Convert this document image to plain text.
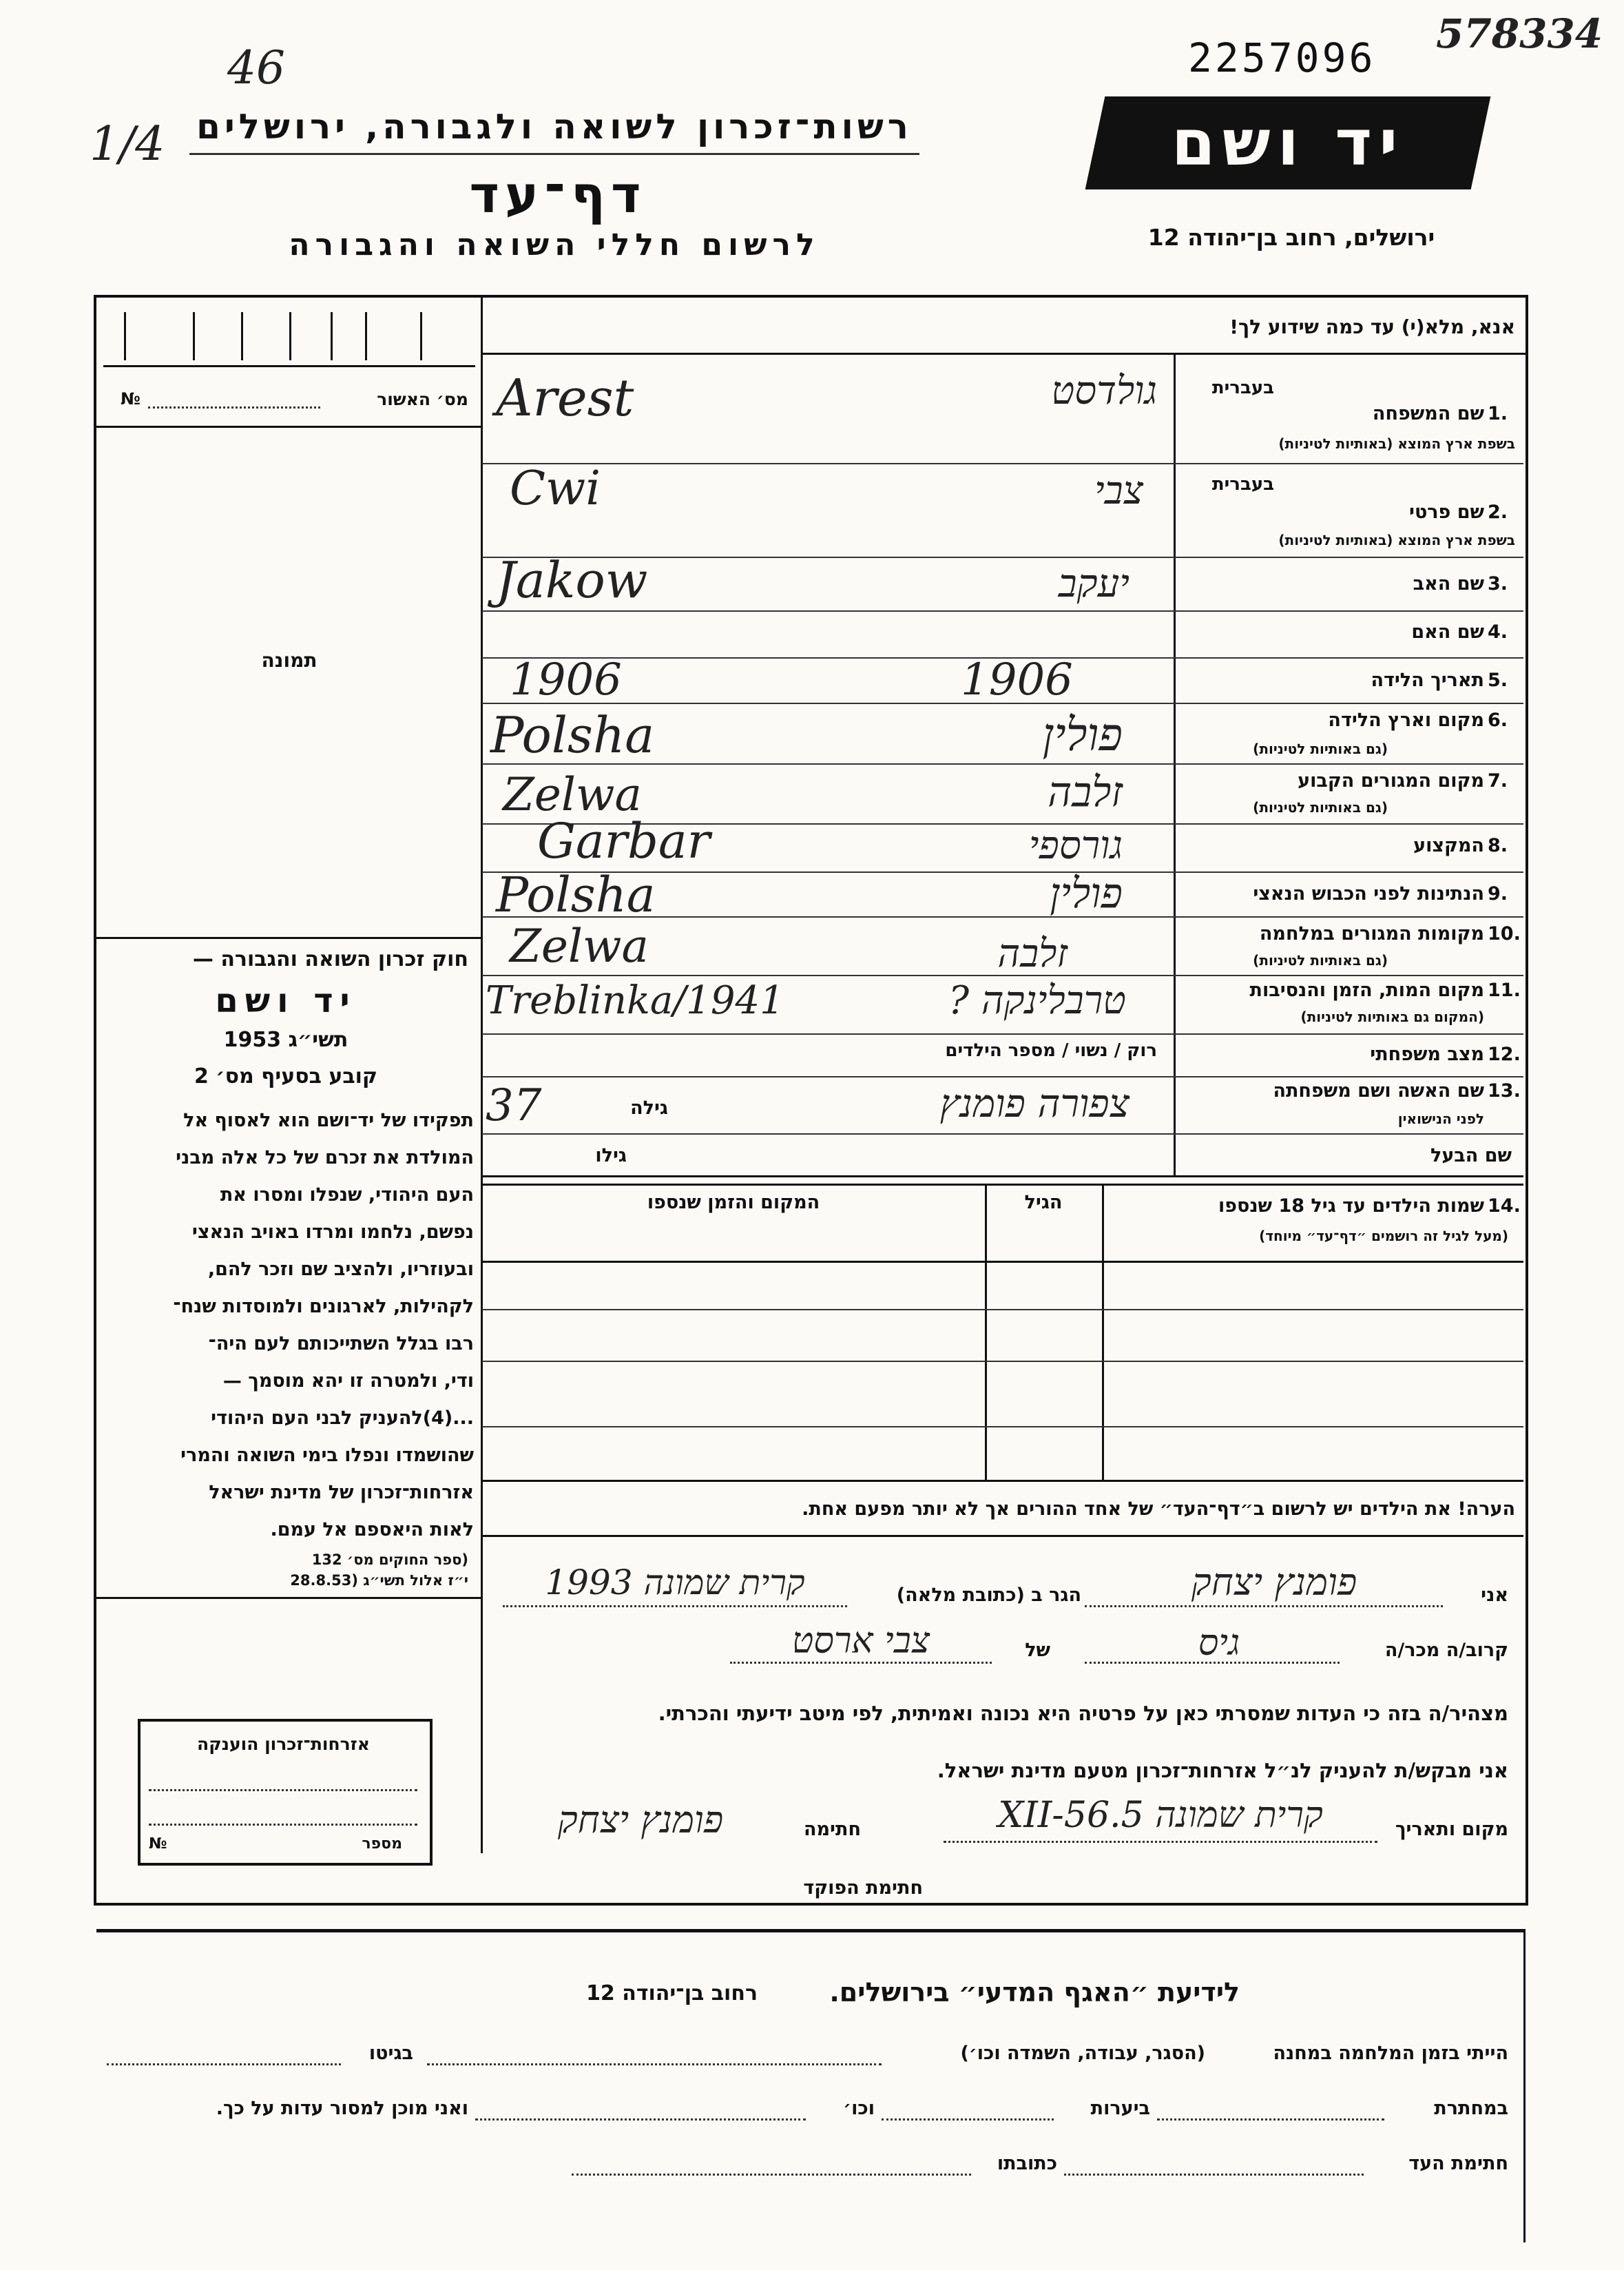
46
1/4
2257096
578334
רשות־זכרון לשואה ולגבורה, ירושלים
דף־עד
לרשום חללי השואה והגבורה
יד ושם
ירושלים, רחוב בן־יהודה 12
אנא, מלא(י) עד כמה שידוע לך!
№	מס׳ האשור
תמונה
חוק זכרון השואה והגבורה —
יד ושם
תשי״ג 1953
קובע בסעיף מס׳ 2
תפקידו של יד־ושם הוא לאסוף אל
המולדת את זכרם של כל אלה מבני
העם היהודי, שנפלו ומסרו את
נפשם, נלחמו ומרדו באויב הנאצי
ובעוזריו, ולהציב שם וזכר להם,
לקהילות, לארגונים ולמוסדות שנח־
רבו בגלל השתייכותם לעם היה־
ודי, ולמטרה זו יהא מוסמך —
...(4)להעניק לבני העם היהודי
שהושמדו ונפלו בימי השואה והמרי
אזרחות־זכרון של מדינת ישראל
לאות היאספם אל עמם.
(ספר החוקים מס׳ 132
י״ז אלול תשי״ג (28.8.53
בעברית
בעברית
שם המשפחה 1.
בשפת ארץ המוצא (באותיות לטיניות)
גולדסט
Arest
שם פרטי 2.
בשפת ארץ המוצא (באותיות לטיניות)
צבי
Cwi
שם האב 3.
יעקב
Jakow
שם האם 4.
תאריך הלידה 5.
1906
1906
מקום וארץ הלידה 6.
(גם באותיות לטיניות)
פולין
Polsha
מקום המגורים הקבוע 7.
(גם באותיות לטיניות)
זלבה
Zelwa
המקצוע 8.
גורספי
Garbar
הנתינות לפני הכבוש הנאצי 9.
פולין
Polsha
מקומות המגורים במלחמה 10.
(גם באותיות לטיניות)
זלבה
Zelwa
מקום המות, הזמן והנסיבות 11.
(המקום גם באותיות לטיניות)
טרבלינקה ?
Treblinka/1941
מצב משפחתי 12.
רוק / נשוי / מספר הילדים
שם האשה ושם משפחתה 13.
לפני הנישואין
צפורה פומנץ
גילה
37
שם הבעל
גילו
14.
שמות הילדים עד גיל 18 שנספו
(מעל לגיל זה רושמים ״דף־עד״ מיוחד)
הגיל
המקום והזמן שנספו
הערה! את הילדים יש לרשום ב״דף־העד״ של אחד ההורים אך לא יותר מפעם אחת.
אני
פומנץ יצחק
הגר ב (כתובת מלאה)
קרית שמונה 1993
קרוב/ה מכר/ה
גיס
של
צבי ארסט
מצהיר/ה בזה כי העדות שמסרתי כאן על פרטיה היא נכונה ואמיתית, לפי מיטב ידיעתי והכרתי.
אני מבקש/ת להעניק לנ״ל אזרחות־זכרון מטעם מדינת ישראל.
מקום ותאריך
קרית שמונה 5.XII-56
חתימה
פומנץ יצחק
חתימת הפוקד
אזרחות־זכרון הוענקה
№	מספר
לידיעת ״האגף המדעי״ בירושלים.
רחוב בן־יהודה 12
הייתי בזמן המלחמה במחנה
(הסגר, עבודה, השמדה וכו׳)
בגיטו
במחתרת
ביערות
וכו׳
ואני מוכן למסור עדות על כך.
חתימת העד
כתובתו
